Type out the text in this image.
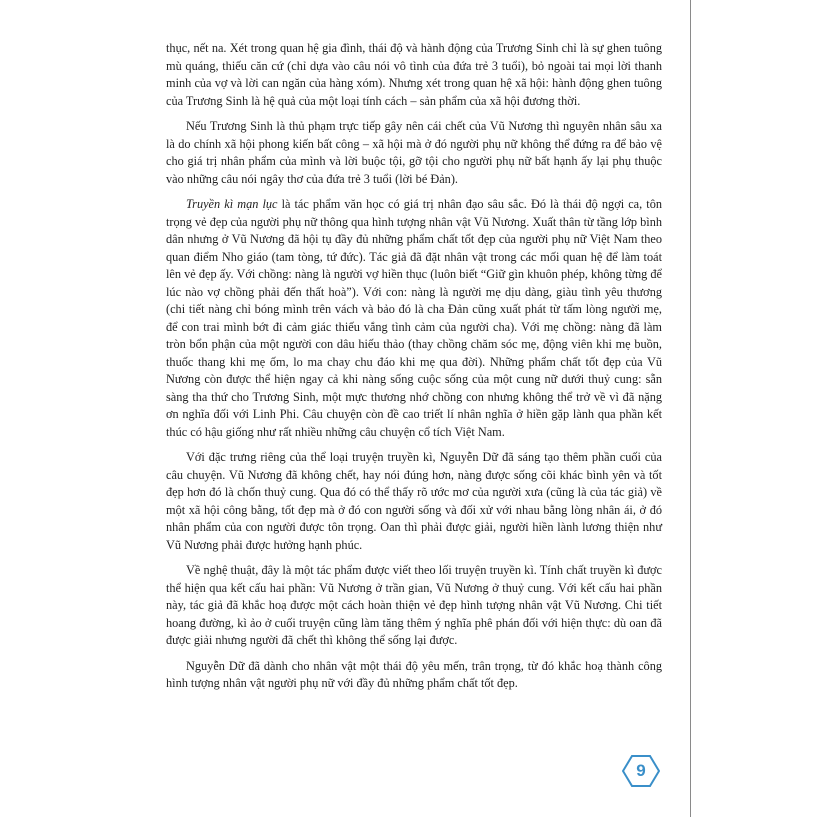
thục, nết na. Xét trong quan hệ gia đình, thái độ và hành động của Trương Sinh chỉ là sự ghen tuông mù quáng, thiếu căn cứ (chỉ dựa vào câu nói vô tình của đứa trẻ 3 tuổi), bỏ ngoài tai mọi lời thanh minh của vợ và lời can ngăn của hàng xóm). Nhưng xét trong quan hệ xã hội: hành động ghen tuông của Trương Sinh là hệ quả của một loại tính cách – sản phẩm của xã hội đương thời.

Nếu Trương Sinh là thủ phạm trực tiếp gây nên cái chết của Vũ Nương thì nguyên nhân sâu xa là do chính xã hội phong kiến bất công – xã hội mà ở đó người phụ nữ không thể đứng ra để bảo vệ cho giá trị nhân phẩm của mình và lời buộc tội, gỡ tội cho người phụ nữ bất hạnh ấy lại phụ thuộc vào những câu nói ngây thơ của đứa trẻ 3 tuổi (lời bé Đản).

Truyền kì mạn lục là tác phẩm văn học có giá trị nhân đạo sâu sắc. Đó là thái độ ngợi ca, tôn trọng vẻ đẹp của người phụ nữ thông qua hình tượng nhân vật Vũ Nương. Xuất thân từ tầng lớp bình dân nhưng ở Vũ Nương đã hội tụ đầy đủ những phẩm chất tốt đẹp của người phụ nữ Việt Nam theo quan điểm Nho giáo (tam tòng, tứ đức). Tác giả đã đặt nhân vật trong các mối quan hệ để làm toát lên vẻ đẹp ấy. Với chồng: nàng là người vợ hiền thục (luôn biết “Giữ gìn khuôn phép, không từng để lúc nào vợ chồng phải đến thất hoà”). Với con: nàng là người mẹ dịu dàng, giàu tình yêu thương (chi tiết nàng chỉ bóng mình trên vách và bảo đó là cha Đản cũng xuất phát từ tấm lòng người mẹ, để con trai mình bớt đi cảm giác thiếu vắng tình cảm của người cha). Với mẹ chồng: nàng đã làm tròn bổn phận của một người con dâu hiếu thảo (thay chồng chăm sóc mẹ, động viên khi mẹ buồn, thuốc thang khi mẹ ốm, lo ma chay chu đáo khi mẹ qua đời). Những phẩm chất tốt đẹp của Vũ Nương còn được thể hiện ngay cả khi nàng sống cuộc sống của một cung nữ dưới thuỷ cung: sẵn sàng tha thứ cho Trương Sinh, một mực thương nhớ chồng con nhưng không thể trở về vì đã nặng ơn nghĩa đối với Linh Phi. Câu chuyện còn đề cao triết lí nhân nghĩa ở hiền gặp lành qua phần kết thúc có hậu giống như rất nhiều những câu chuyện cổ tích Việt Nam.

Với đặc trưng riêng của thể loại truyện truyền kì, Nguyễn Dữ đã sáng tạo thêm phần cuối của câu chuyện. Vũ Nương đã không chết, hay nói đúng hơn, nàng được sống cõi khác bình yên và tốt đẹp hơn đó là chốn thuỷ cung. Qua đó có thể thấy rõ ước mơ của người xưa (cũng là của tác giả) về một xã hội công bằng, tốt đẹp mà ở đó con người sống và đối xử với nhau bằng lòng nhân ái, ở đó nhân phẩm của con người được tôn trọng. Oan thì phải được giải, người hiền lành lương thiện như Vũ Nương phải được hưởng hạnh phúc.

Về nghệ thuật, đây là một tác phẩm được viết theo lối truyện truyền kì. Tính chất truyền kì được thể hiện qua kết cấu hai phần: Vũ Nương ở trần gian, Vũ Nương ở thuỷ cung. Với kết cấu hai phần này, tác giả đã khắc hoạ được một cách hoàn thiện vẻ đẹp hình tượng nhân vật Vũ Nương. Chi tiết hoang đường, kì ảo ở cuối truyện cũng làm tăng thêm ý nghĩa phê phán đối với hiện thực: dù oan đã được giải nhưng người đã chết thì không thể sống lại được.

Nguyễn Dữ đã dành cho nhân vật một thái độ yêu mến, trân trọng, từ đó khắc hoạ thành công hình tượng nhân vật người phụ nữ với đầy đủ những phẩm chất tốt đẹp.

9
